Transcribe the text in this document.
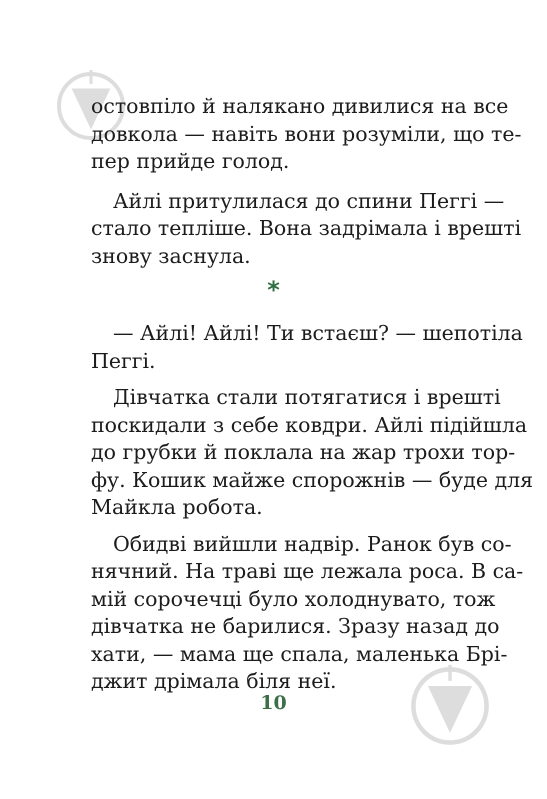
остовпіло й налякано дивилися на все
довкола — навіть вони розуміли, що те-
пер прийде голод.
Айлі притулилася до спини Пеггі —
стало тепліше. Вона задрімала і врешті
знову заснула.
*
— Айлі! Айлі! Ти встаєш? — шепотіла
Пеггі.
Дівчатка стали потягатися і врешті
поскидали з себе ковдри. Айлі підійшла
до грубки й поклала на жар трохи тор-
фу. Кошик майже спорожнів — буде для
Майкла робота.
Обидві вийшли надвір. Ранок був со-
нячний. На траві ще лежала роса. В са-
мій сорочечці було холоднувато, тож
дівчатка не барилися. Зразу назад до
хати, — мама ще спала, маленька Брі-
джит дрімала біля неї.
10
